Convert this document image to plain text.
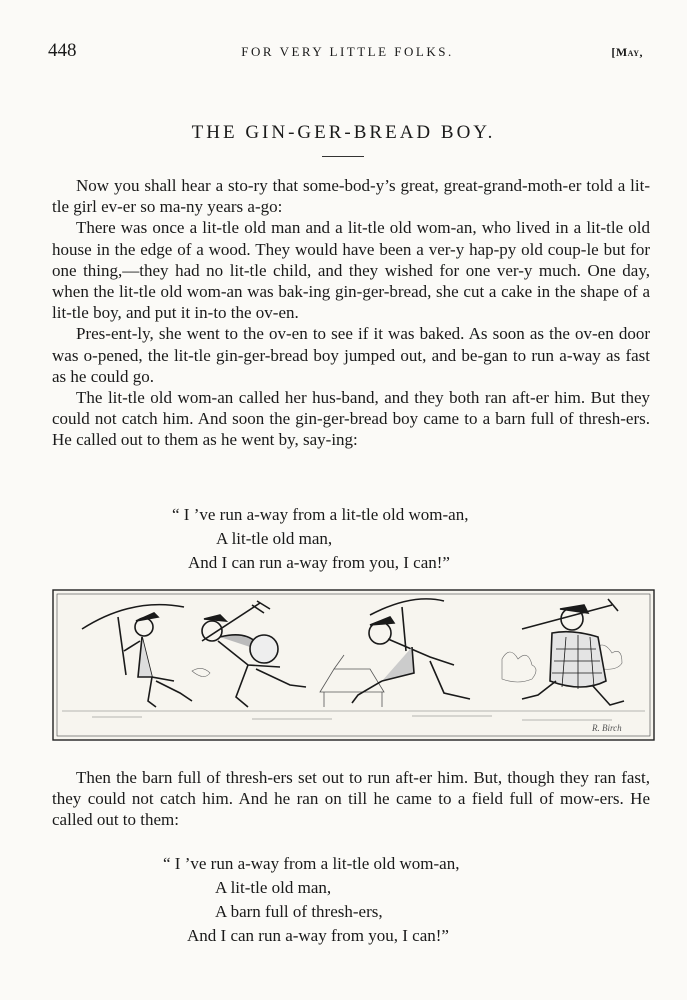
448	FOR VERY LITTLE FOLKS.	[May,
THE GIN-GER-BREAD BOY.

Now you shall hear a sto-ry that some-bod-y’s great, great-grand-moth-er told a lit-tle girl ev-er so ma-ny years a-go:

There was once a lit-tle old man and a lit-tle old wom-an, who lived in a lit-tle old house in the edge of a wood. They would have been a ver-y hap-py old coup-le but for one thing,—they had no lit-tle child, and they wished for one ver-y much. One day, when the lit-tle old wom-an was bak-ing gin-ger-bread, she cut a cake in the shape of a lit-tle boy, and put it in-to the ov-en.

Pres-ent-ly, she went to the ov-en to see if it was baked. As soon as the ov-en door was o-pened, the lit-tle gin-ger-bread boy jumped out, and be-gan to run a-way as fast as he could go.

The lit-tle old wom-an called her hus-band, and they both ran aft-er him. But they could not catch him. And soon the gin-ger-bread boy came to a barn full of thresh-ers. He called out to them as he went by, say-ing:

“ I ’ve run a-way from a lit-tle old wom-an,
A lit-tle old man,
And I can run a-way from you, I can!”
R. Birch

Then the barn full of thresh-ers set out to run aft-er him. But, though they ran fast, they could not catch him. And he ran on till he came to a field full of mow-ers. He called out to them:

“ I ’ve run a-way from a lit-tle old wom-an,
A lit-tle old man,
A barn full of thresh-ers,
And I can run a-way from you, I can!”
